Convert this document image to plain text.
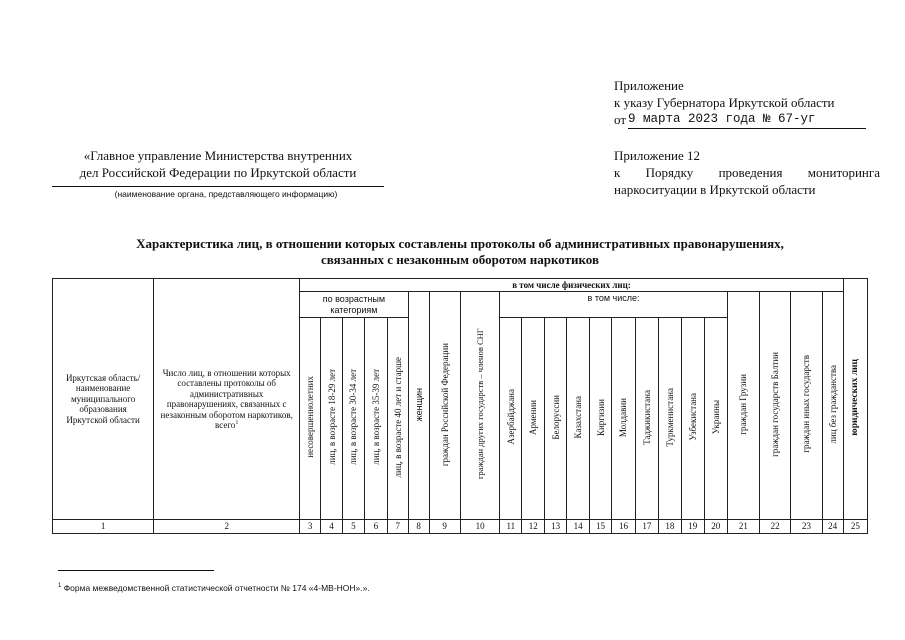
Приложение
к указу Губернатора Иркутской области
от 9 марта 2023 года № 67-уг
Приложение 12
к Порядку проведения мониторинга
наркоситуации в Иркутской области
«Главное управление Министерства внутренних
дел Российской Федерации по Иркутской области
(наименование органа, представляющего информацию)
Характеристика лиц, в отношении которых составлены протоколы об административных правонарушениях,
связанных с незаконным оборотом наркотиков
Иркутская область/ наименование муниципального образования Иркутской области	Число лиц, в отношении которых составлены протоколы об административных правонарушениях, связанных с незаконным оборотом наркотиков, всего$^1$	в том числе физических лиц:																						юридических лиц
		по возрастным категориям					женщин	граждан Российской Федерации	граждан других государств – членов СНГ	в том числе:										граждан Грузии	граждан государств Балтии	граждан иных государств	лиц без гражданства	
		несовершеннолетних	лиц, в возрасте 18-29 лет	лиц, в возрасте 30-34 лет	лиц, в возрасте 35-39 лет	лиц, в возрасте 40 лет и старше																		
										Азербайджана	Армении	Белоруссии	Казахстана	Киргизии	Молдавии	Таджикистана	Туркменистана	Узбекистана	Украины					
1	2	3	4	5	6	7	8	9	10	11	12	13	14	15	16	17	18	19	20	21	22	23	24	25
$^1$ Форма межведомственной статистической отчетности № 174 «4-МВ-НОН».».
